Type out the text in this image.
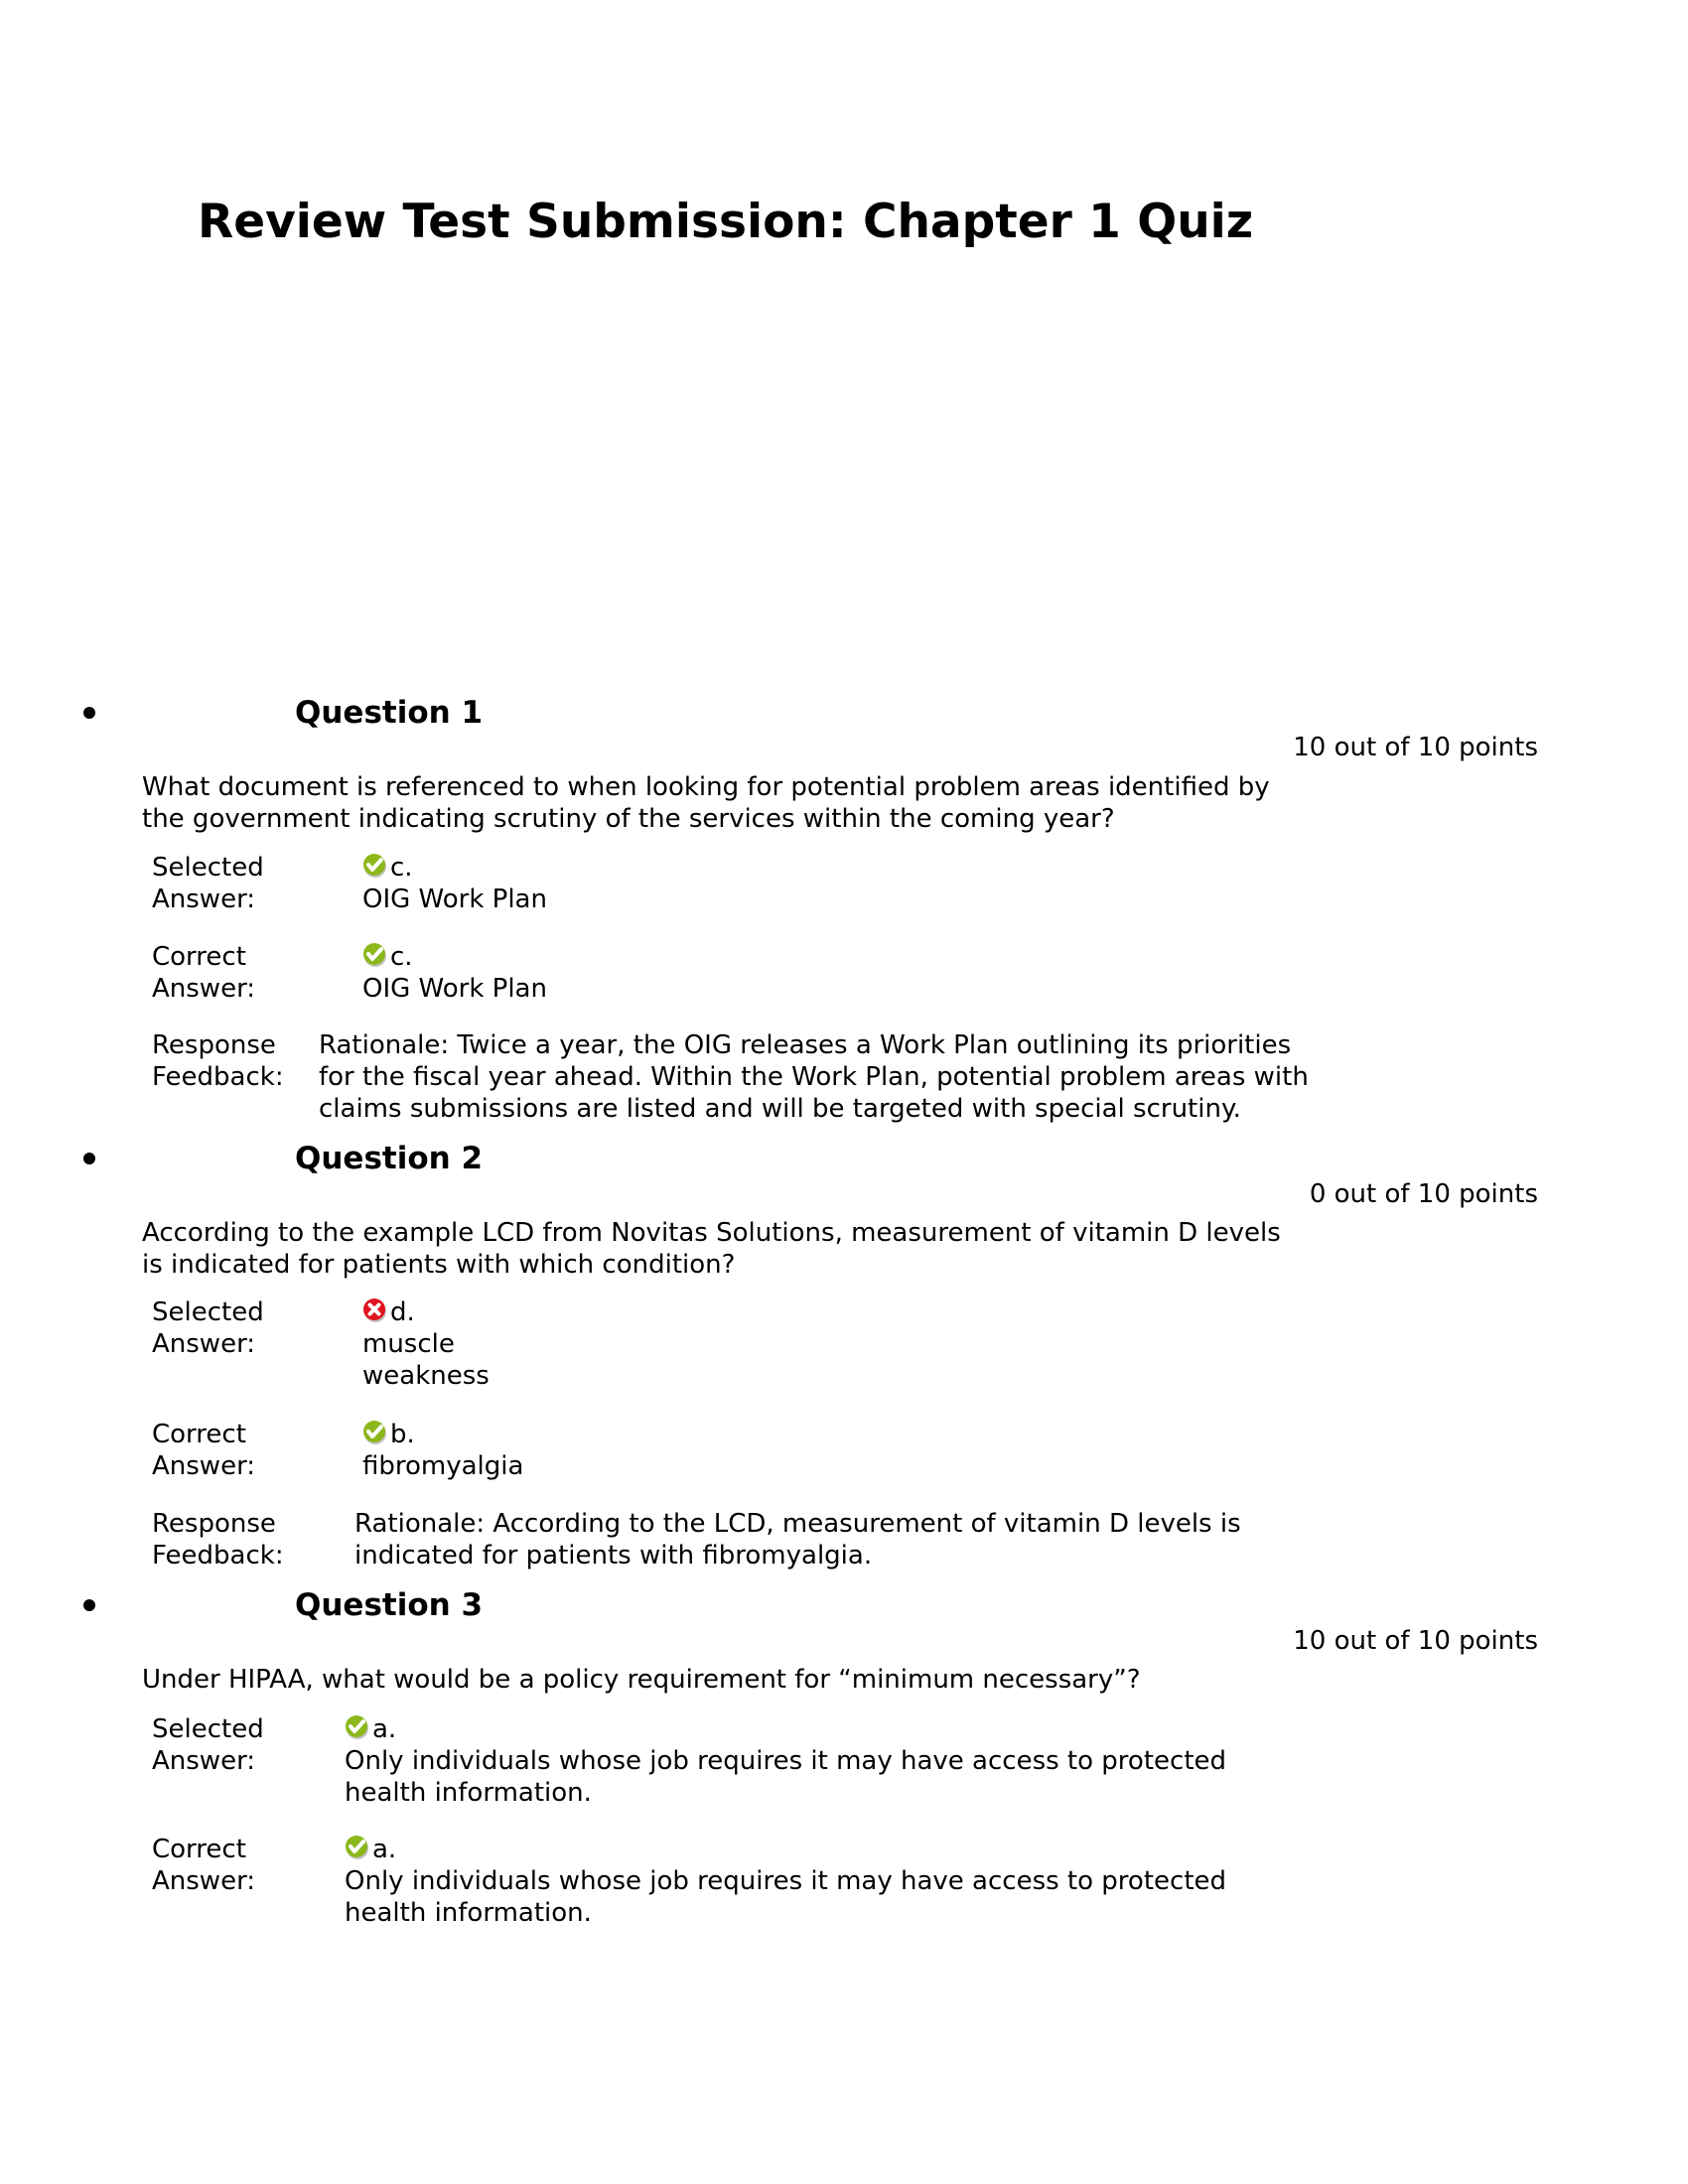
Review Test Submission: Chapter 1 Quiz
Question 1
10 out of 10 points
What document is referenced to when looking for potential problem areas identified by
the government indicating scrutiny of the services within the coming year?
Selected
Answer:
c.
OIG Work Plan
Correct
Answer:
c.
OIG Work Plan
Response
Feedback:
Rationale: Twice a year, the OIG releases a Work Plan outlining its priorities
for the fiscal year ahead. Within the Work Plan, potential problem areas with
claims submissions are listed and will be targeted with special scrutiny.
Question 2
0 out of 10 points
According to the example LCD from Novitas Solutions, measurement of vitamin D levels
is indicated for patients with which condition?
Selected
Answer:
d.
muscle
weakness
Correct
Answer:
b.
fibromyalgia
Response
Feedback:
Rationale: According to the LCD, measurement of vitamin D levels is
indicated for patients with fibromyalgia.
Question 3
10 out of 10 points
Under HIPAA, what would be a policy requirement for “minimum necessary”?
Selected
Answer:
a.
Only individuals whose job requires it may have access to protected
health information.
Correct
Answer:
a.
Only individuals whose job requires it may have access to protected
health information.
